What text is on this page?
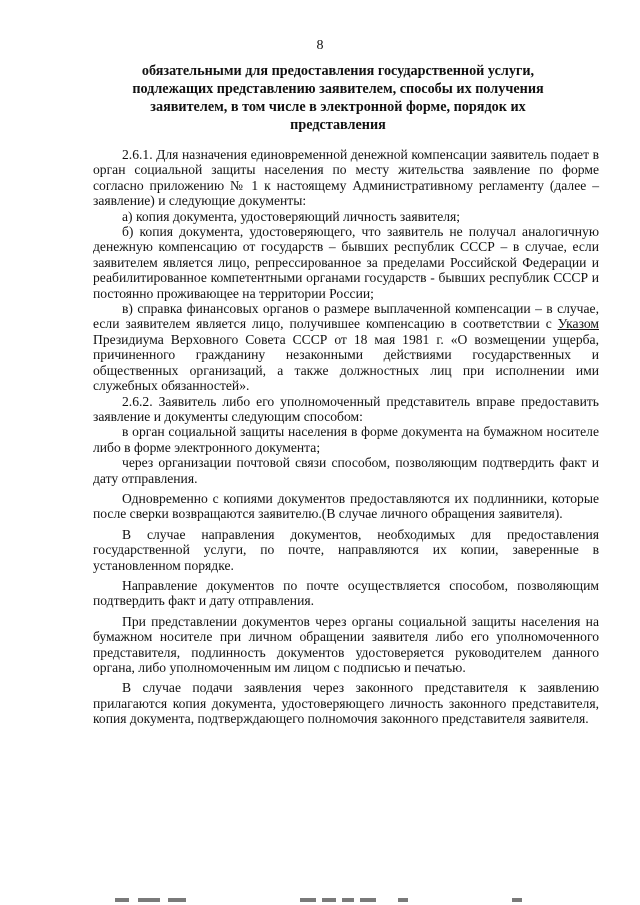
8
обязательными для предоставления государственной услуги, подлежащих представлению заявителем, способы их получения заявителем, в том числе в электронной форме, порядок их представления

2.6.1. Для назначения единовременной денежной компенсации заявитель подает в орган социальной защиты населения по месту жительства заявление по форме согласно приложению № 1 к настоящему Административному регламенту (далее – заявление) и следующие документы:

а) копия документа, удостоверяющий личность заявителя;

б) копия документа, удостоверяющего, что заявитель не получал аналогичную денежную компенсацию от государств – бывших республик СССР – в случае, если заявителем является лицо, репрессированное за пределами Российской Федерации и реабилитированное компетентными органами государств - бывших республик СССР и постоянно проживающее на территории России;

в) справка финансовых органов о размере выплаченной компенсации – в случае, если заявителем является лицо, получившее компенсацию в соответствии с Указом Президиума Верховного Совета СССР от 18 мая 1981 г. «О возмещении ущерба, причиненного гражданину незаконными действиями государственных и общественных организаций, а также должностных лиц при исполнении ими служебных обязанностей».

2.6.2. Заявитель либо его уполномоченный представитель вправе предоставить заявление и документы следующим способом:

в орган социальной защиты населения в форме документа на бумажном носителе либо в форме электронного документа;

через организации почтовой связи способом, позволяющим подтвердить факт и дату отправления.

Одновременно с копиями документов предоставляются их подлинники, которые после сверки возвращаются заявителю.(В случае личного обращения заявителя).

В случае направления документов, необходимых для предоставления государственной услуги, по почте, направляются их копии, заверенные в установленном порядке.

Направление документов по почте осуществляется способом, позволяющим подтвердить факт и дату отправления.

При представлении документов через органы социальной защиты населения на бумажном носителе при личном обращении заявителя либо его уполномоченного представителя, подлинность документов удостоверяется руководителем данного органа, либо уполномоченным им лицом с подписью и печатью.

В случае подачи заявления через законного представителя к заявлению прилагаются копия документа, удостоверяющего личность законного представителя, копия документа, подтверждающего полномочия законного представителя заявителя.
